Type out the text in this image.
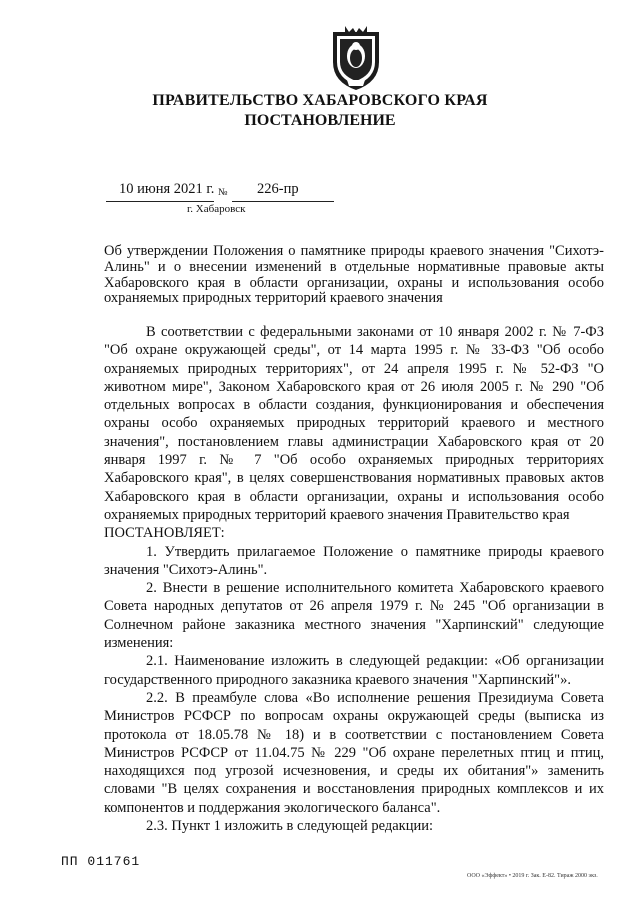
ПРАВИТЕЛЬСТВО ХАБАРОВСКОГО КРАЯ
ПОСТАНОВЛЕНИЕ
10 июня 2021 г. № 226-пр
г. Хабаровск
Об утверждении Положения о памятнике природы краевого значения "Сихотэ-
Алинь" и о внесении изменений в отдельные нормативные правовые акты
Хабаровского края в области организации, охраны и использования особо
охраняемых природных территорий краевого значения
В соответствии с федеральными законами от 10 января 2002 г. № 7-ФЗ "Об охране окружающей среды", от 14 марта 1995 г. № 33-ФЗ "Об особо охраняемых природных территориях", от 24 апреля 1995 г. № 52-ФЗ "О животном мире", Законом Хабаровского края от 26 июля 2005 г. № 290 "Об отдельных вопросах в области создания, функционирования и обеспечения охраны особо охраняемых природных территорий краевого и местного значения", постановлением главы администрации Хабаровского края от 20 января 1997 г. № 7 "Об особо охраняемых природных территориях Хабаровского края", в целях совершенствования нормативных правовых актов Хабаровского края в области организации, охраны и использования особо охраняемых природных территорий краевого значения Правительство края
ПОСТАНОВЛЯЕТ:
1. Утвердить прилагаемое Положение о памятнике природы краевого значения "Сихотэ-Алинь".
2. Внести в решение исполнительного комитета Хабаровского краевого Совета народных депутатов от 26 апреля 1979 г. № 245 "Об организации в Солнечном районе заказника местного значения "Харпинский" следующие изменения:
2.1. Наименование изложить в следующей редакции: «Об организации государственного природного заказника краевого значения "Харпинский"».
2.2. В преамбуле слова «Во исполнение решения Президиума Совета Министров РСФСР по вопросам охраны окружающей среды (выписка из протокола от 18.05.78 № 18) и в соответствии с постановлением Совета Министров РСФСР от 11.04.75 № 229 "Об охране перелетных птиц и птиц, находящихся под угрозой исчезновения, и среды их обитания"» заменить словами "В целях сохранения и восстановления природных комплексов и их компонентов и поддержания экологического баланса".
2.3. Пункт 1 изложить в следующей редакции:
ПП 011761
ООО «Эффект» • 2019 г. Зак. Е-82. Тираж 2000 экз.
